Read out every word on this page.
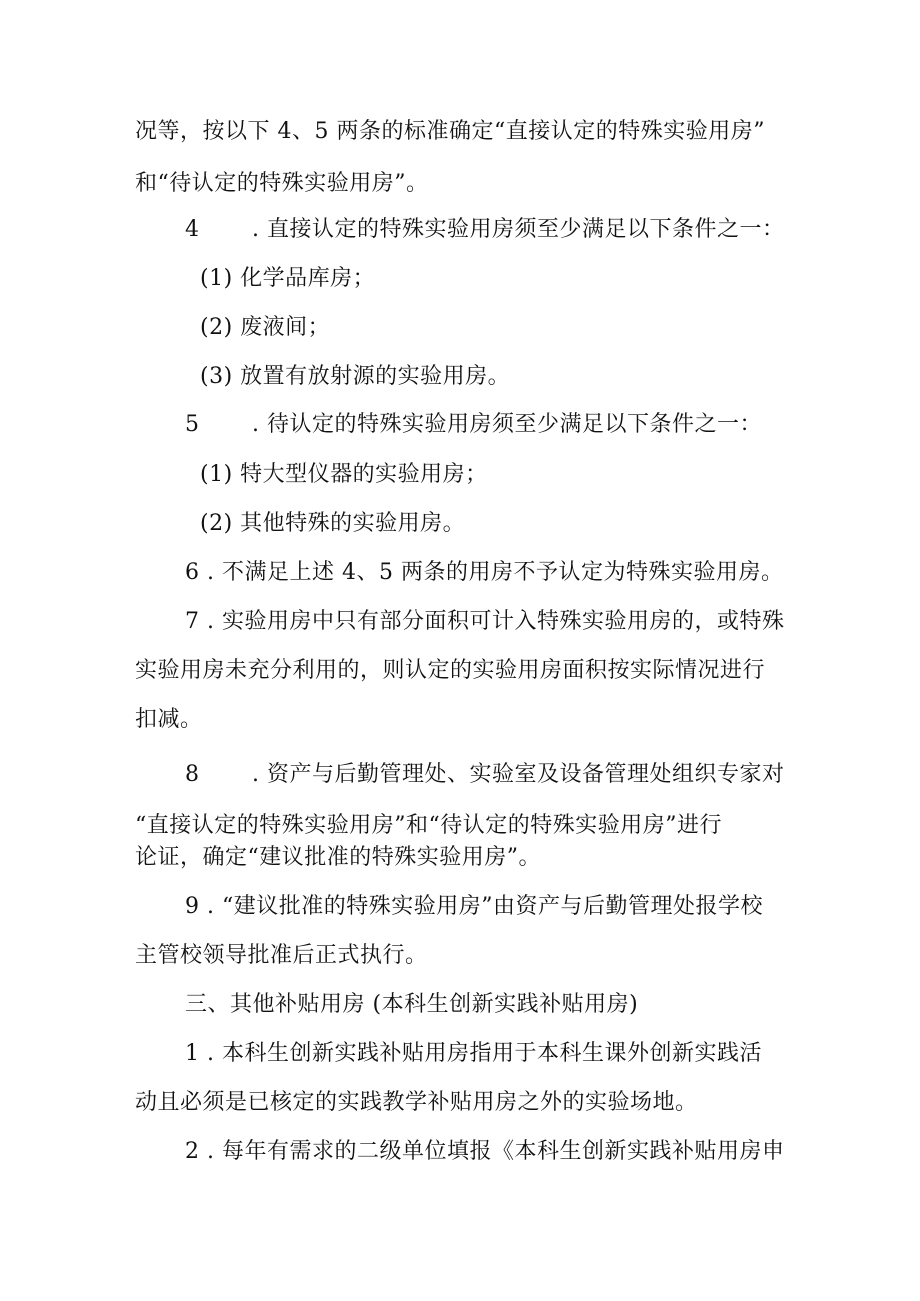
况等，按以下 4、5 两条的标准确定“直接认定的特殊实验用房”
和“待认定的特殊实验用房”。
4　　 . 直接认定的特殊实验用房须至少满足以下条件之一：
(1) 化学品库房；
(2) 废液间；
(3) 放置有放射源的实验用房。
5　　 . 待认定的特殊实验用房须至少满足以下条件之一：
(1) 特大型仪器的实验用房；
(2) 其他特殊的实验用房。
6 . 不满足上述 4、5 两条的用房不予认定为特殊实验用房。
7 . 实验用房中只有部分面积可计入特殊实验用房的，或特殊
实验用房未充分利用的，则认定的实验用房面积按实际情况进行
扣减。
8　　 . 资产与后勤管理处、实验室及设备管理处组织专家对
“直接认定的特殊实验用房”和“待认定的特殊实验用房”进行
论证，确定“建议批准的特殊实验用房”。
9 . “建议批准的特殊实验用房”由资产与后勤管理处报学校
主管校领导批准后正式执行。
三、其他补贴用房 (本科生创新实践补贴用房)
1 . 本科生创新实践补贴用房指用于本科生课外创新实践活
动且必须是已核定的实践教学补贴用房之外的实验场地。
2 . 每年有需求的二级单位填报《本科生创新实践补贴用房申
